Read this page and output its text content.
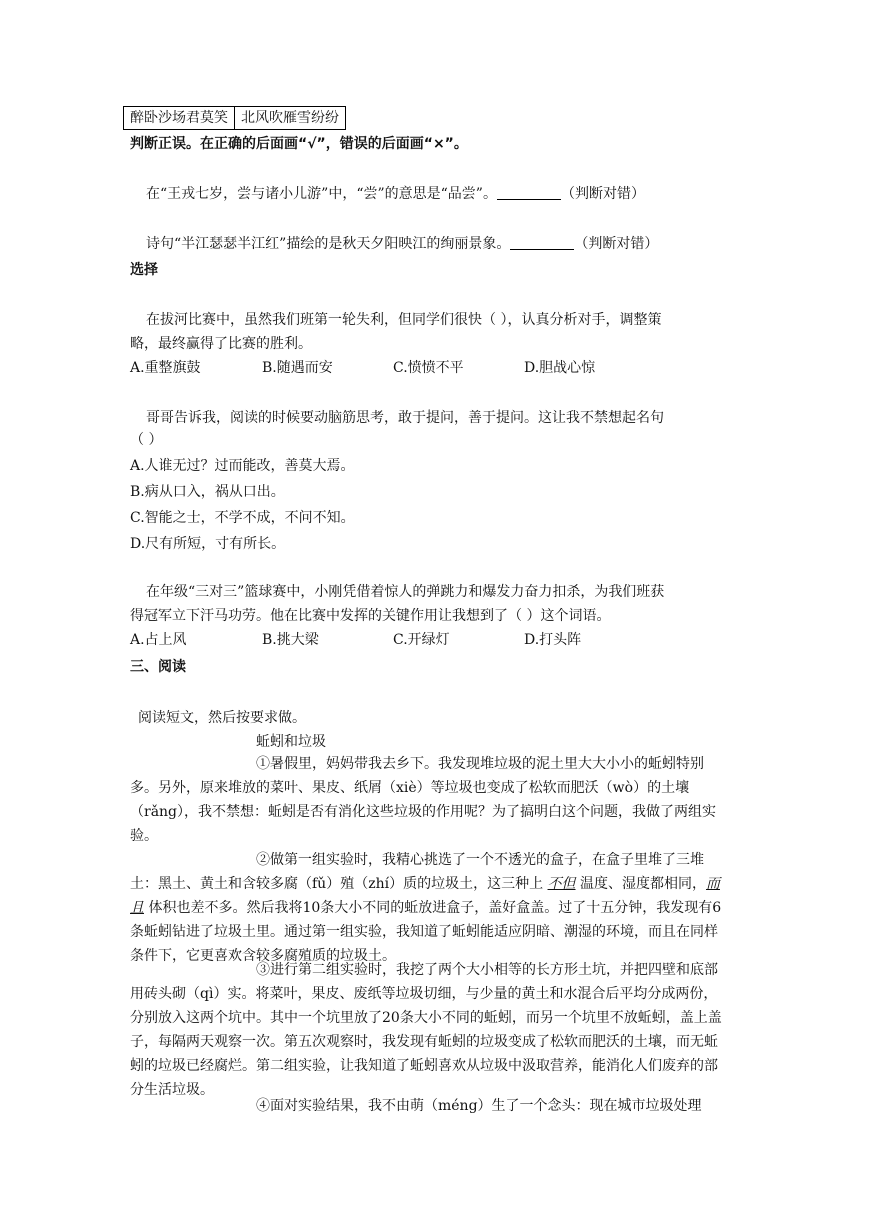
醉卧沙场君莫笑	北风吹雁雪纷纷
判断正误。在正确的后面画“√”，错误的后面画“×”。
在“王戎七岁，尝与诸小儿游”中，“尝”的意思是“品尝”。	（判断对错）
诗句“半江瑟瑟半江红”描绘的是秋天夕阳映江的绚丽景象。	（判断对错）
选择
在拔河比赛中，虽然我们班第一轮失利，但同学们很快（ ），认真分析对手，调整策
略，最终赢得了比赛的胜利。
A.重整旗鼓	B.随遇而安	C.愤愤不平	D.胆战心惊
哥哥告诉我，阅读的时候要动脑筋思考，敢于提问，善于提问。这让我不禁想起名句
（ ）
A.人谁无过？过而能改，善莫大焉。
B.病从口入，祸从口出。
C.智能之士，不学不成，不问不知。
D.尺有所短，寸有所长。
在年级“三对三”篮球赛中，小刚凭借着惊人的弹跳力和爆发力奋力扣杀，为我们班获
得冠军立下汗马功劳。他在比赛中发挥的关键作用让我想到了（ ）这个词语。
A.占上风	B.挑大梁	C.开绿灯	D.打头阵
三、阅读
阅读短文，然后按要求做。
蚯蚓和垃圾
①暑假里，妈妈带我去乡下。我发现堆垃圾的泥土里大大小小的蚯蚓特别多。另外，原来堆放的菜叶、果皮、纸屑（xiè）等垃圾也变成了松软而肥沃（wò）的土壤（rǎng），我不禁想：蚯蚓是否有消化这些垃圾的作用呢？为了搞明白这个问题，我做了两组实验。
②做第一组实验时，我精心挑选了一个不透光的盒子，在盒子里堆了三堆土：黑土、黄土和含较多腐（fǔ）殖（zhí）质的垃圾土，这三种上 不但 温度、湿度都相同，而且 体积也差不多。然后我将10条大小不同的蚯放进盒子，盖好盒盖。过了十五分钟，我发现有6条蚯蚓钻进了垃圾土里。通过第一组实验，我知道了蚯蚓能适应阴暗、潮湿的环境，而且在同样条件下，它更喜欢含较多腐殖质的垃圾土。
③进行第二组实验时，我挖了两个大小相等的长方形土坑，并把四壁和底部用砖头砌（qì）实。将菜叶，果皮、废纸等垃圾切细，与少量的黄土和水混合后平均分成两份，分别放入这两个坑中。其中一个坑里放了20条大小不同的蚯蚓，而另一个坑里不放蚯蚓，盖上盖子，每隔两天观察一次。第五次观察时，我发现有蚯蚓的垃圾变成了松软而肥沃的土壤，而无蚯蚓的垃圾已经腐烂。第二组实验，让我知道了蚯蚓喜欢从垃圾中汲取营养，能消化人们废弃的部分生活垃圾。
④面对实验结果，我不由萌（méng）生了一个念头：现在城市垃圾处理
